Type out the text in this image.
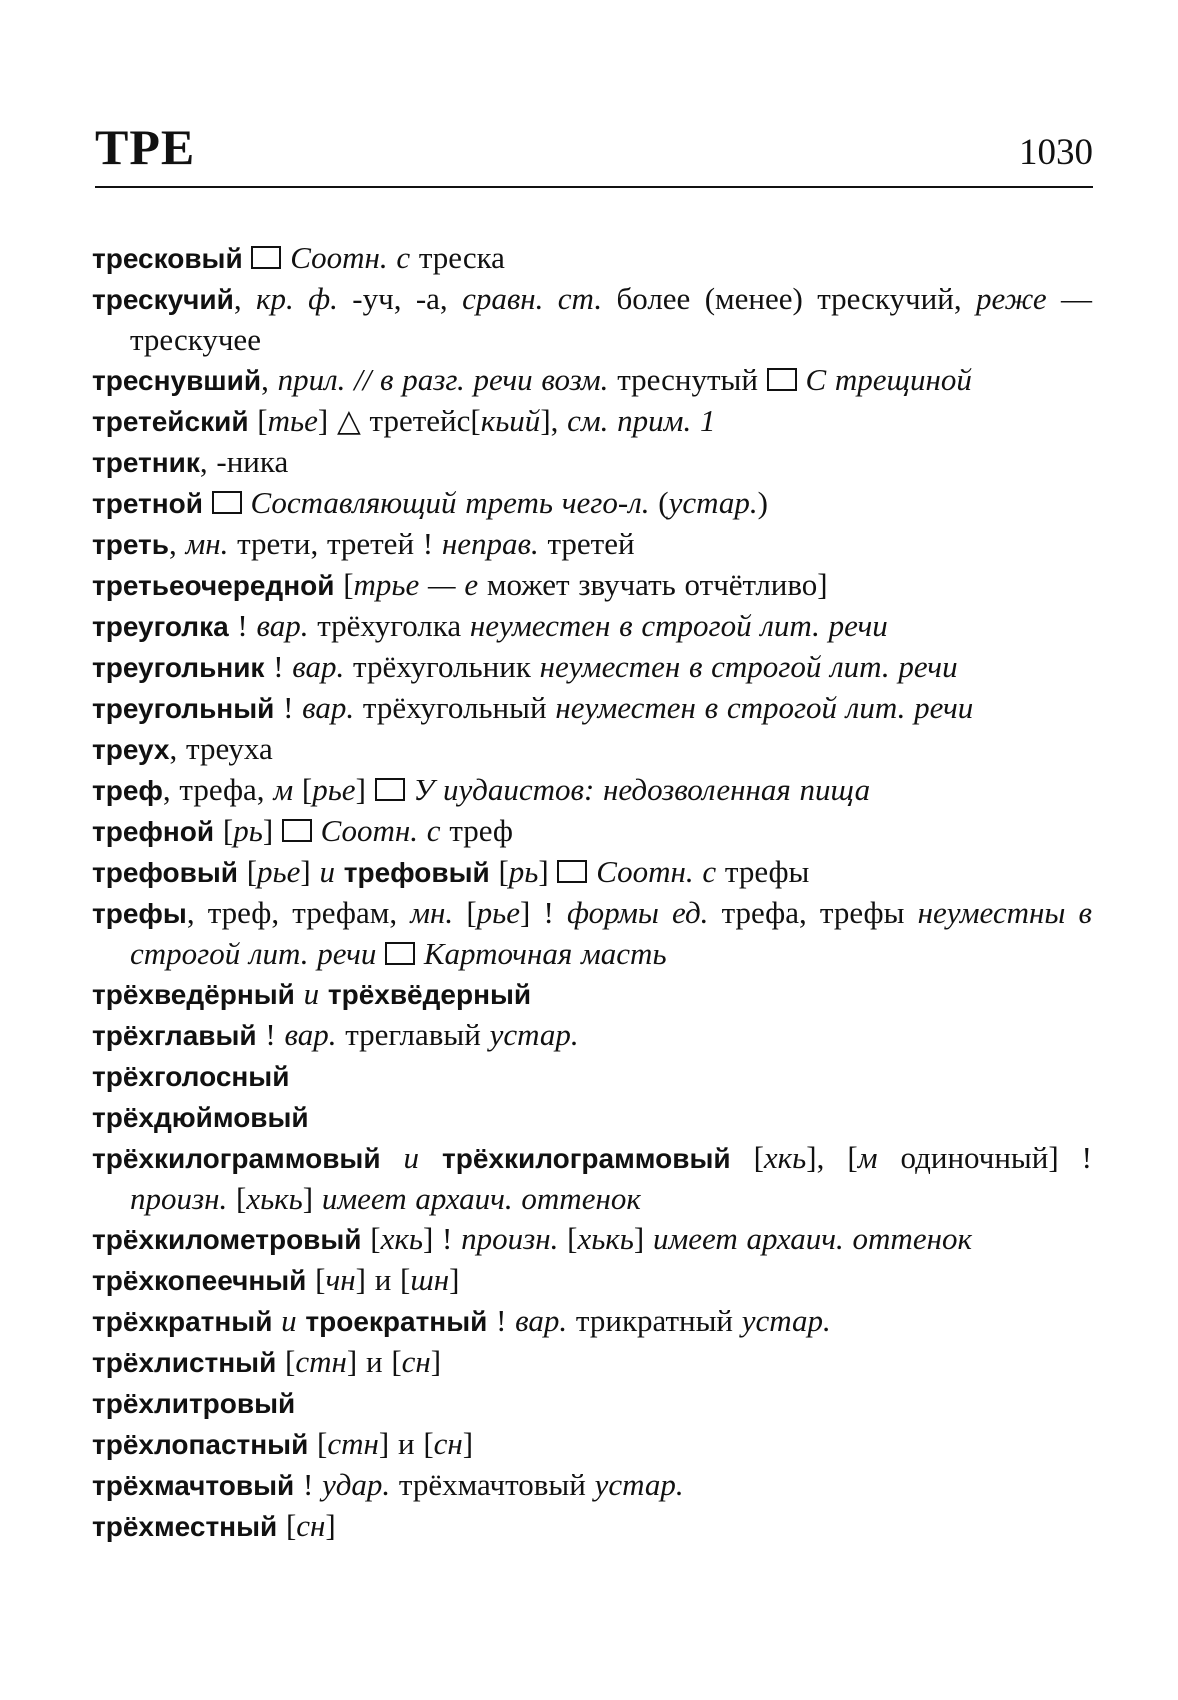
ТРЕ	1030
тресковый Соотн. с треска
трескучий, кр. ф. -уч, -а, сравн. ст. более (менее) трескучий, реже — трескучее
треснувший, прил. // в разг. речи возм. треснутый  С трещиной
третейский [тье] △ третейс[кьий], см. прим. 1
третник, -ника
третной Составляющий треть чего-л. (устар.)
треть, мн. трети, третей ! неправ. третей
третьеочередной [трье — е может звучать отчётливо]
треуголка ! вар. трёхуголка неуместен в строгой лит. речи
треугольник ! вар. трёхугольник неуместен в строгой лит. речи
треугольный ! вар. трёхугольный неуместен в строгой лит. речи
треух, треуха
треф, трефа, м [рье]  У иудаистов: недозволенная пища
трефной [рь]  Соотн. с треф
трефовый [рье] и трефовый [рь]  Соотн. с трефы
трефы, треф, трефам, мн. [рье] ! формы ед. трефа, трефы неуместны в строгой лит. речи Карточная масть
трёхведёрный и трёхвёдерный
трёхглавый ! вар. треглавый устар.
трёхголосный
трёхдюймовый
трёхкилограммовый и трёхкилограммовый [хкь], [м одиночный] ! произн. [хькь] имеет архаич. оттенок
трёхкилометровый [хкь] ! произн. [хькь] имеет архаич. оттенок
трёхкопеечный [чн] и [шн]
трёхкратный и троекратный ! вар. трикратный устар.
трёхлистный [стн] и [сн]
трёхлитровый
трёхлопастный [стн] и [сн]
трёхмачтовый ! удар. трёхмачтовый устар.
трёхместный [сн]
